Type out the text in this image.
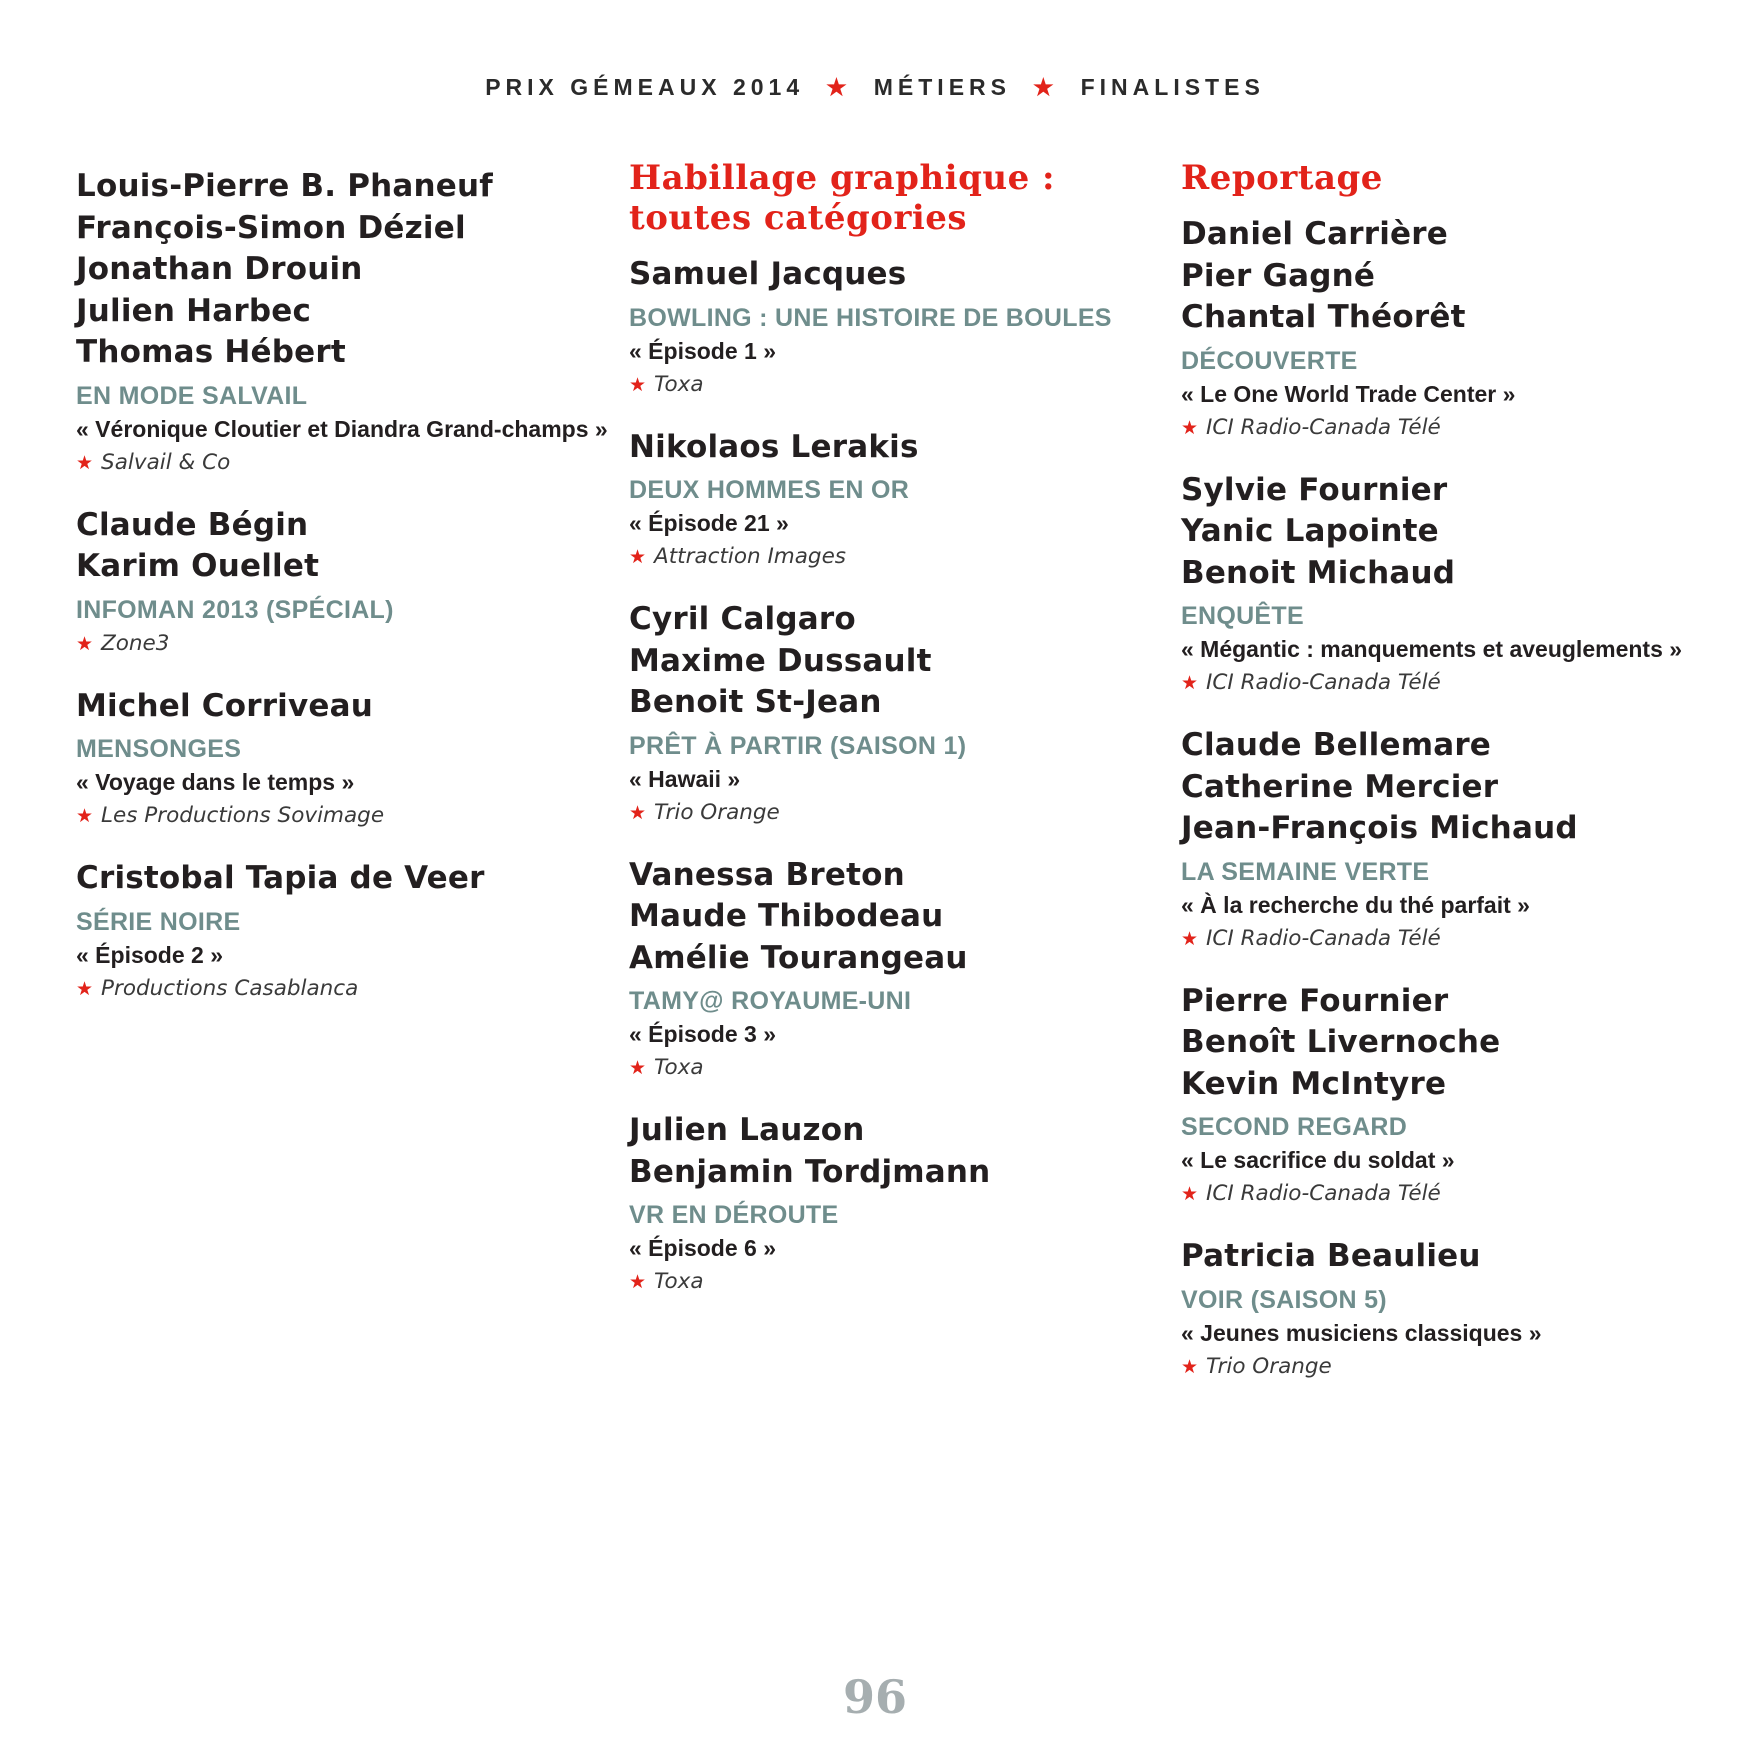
PRIX GÉMEAUX 2014 ★ MÉTIERS ★ FINALISTES
Louis-Pierre B. Phaneuf
François-Simon Déziel
Jonathan Drouin
Julien Harbec
Thomas Hébert
EN MODE SALVAIL
« Véronique Cloutier et Diandra Grand-champs »
★ Salvail & Co
Claude Bégin
Karim Ouellet
INFOMAN 2013 (SPÉCIAL)
★ Zone3
Michel Corriveau
MENSONGES
« Voyage dans le temps »
★ Les Productions Sovimage
Cristobal Tapia de Veer
SÉRIE NOIRE
« Épisode 2 »
★ Productions Casablanca
Habillage graphique : toutes catégories
Samuel Jacques
BOWLING : UNE HISTOIRE DE BOULES
« Épisode 1 »
★ Toxa
Nikolaos Lerakis
DEUX HOMMES EN OR
« Épisode 21 »
★ Attraction Images
Cyril Calgaro
Maxime Dussault
Benoit St-Jean
PRÊT À PARTIR (SAISON 1)
« Hawaii »
★ Trio Orange
Vanessa Breton
Maude Thibodeau
Amélie Tourangeau
TAMY@ ROYAUME-UNI
« Épisode 3 »
★ Toxa
Julien Lauzon
Benjamin Tordjmann
VR EN DÉROUTE
« Épisode 6 »
★ Toxa
Reportage
Daniel Carrière
Pier Gagné
Chantal Théorêt
DÉCOUVERTE
« Le One World Trade Center »
★ ICI Radio-Canada Télé
Sylvie Fournier
Yanic Lapointe
Benoit Michaud
ENQUÊTE
« Mégantic : manquements et aveuglements »
★ ICI Radio-Canada Télé
Claude Bellemare
Catherine Mercier
Jean-François Michaud
LA SEMAINE VERTE
« À la recherche du thé parfait »
★ ICI Radio-Canada Télé
Pierre Fournier
Benoît Livernoche
Kevin McIntyre
SECOND REGARD
« Le sacrifice du soldat »
★ ICI Radio-Canada Télé
Patricia Beaulieu
VOIR (SAISON 5)
« Jeunes musiciens classiques »
★ Trio Orange
96
